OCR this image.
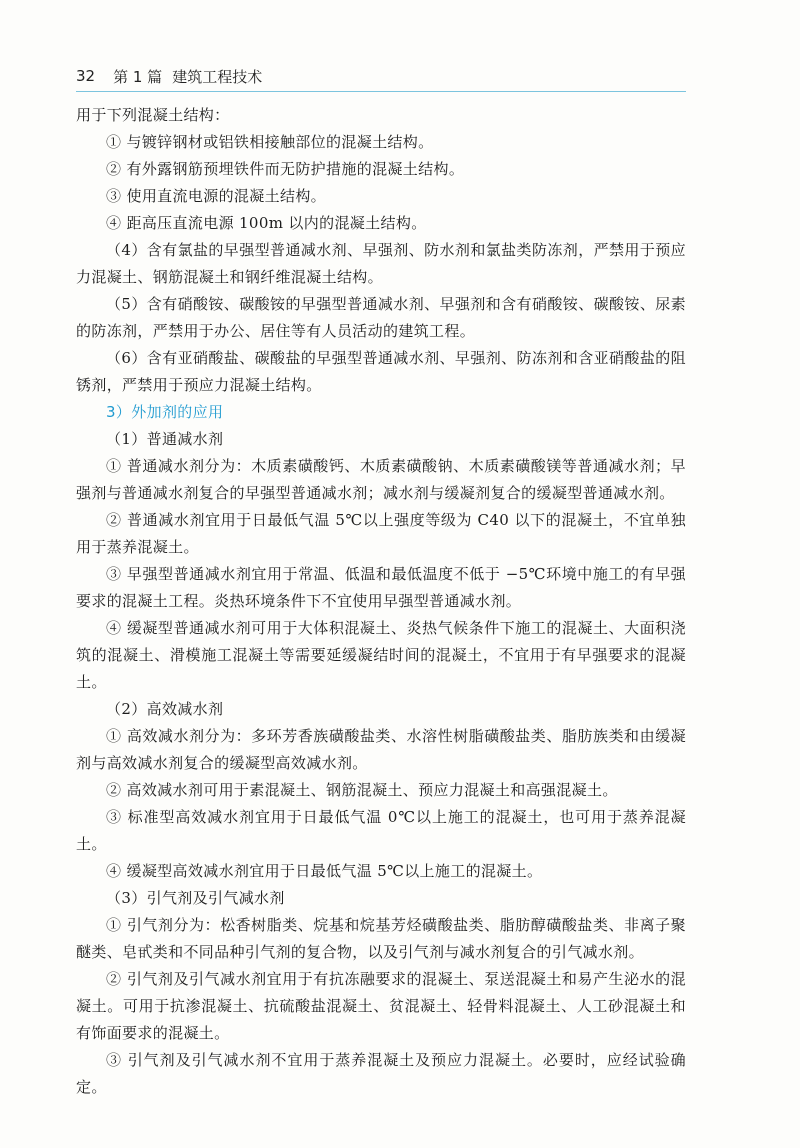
32 第 1 篇 建筑工程技术

用于下列混凝土结构：

① 与镀锌钢材或铝铁相接触部位的混凝土结构。

② 有外露钢筋预埋铁件而无防护措施的混凝土结构。

③ 使用直流电源的混凝土结构。

④ 距高压直流电源 100m 以内的混凝土结构。

（4）含有氯盐的早强型普通减水剂、早强剂、防水剂和氯盐类防冻剂，严禁用于预应力混凝土、钢筋混凝土和钢纤维混凝土结构。

（5）含有硝酸铵、碳酸铵的早强型普通减水剂、早强剂和含有硝酸铵、碳酸铵、尿素的防冻剂，严禁用于办公、居住等有人员活动的建筑工程。

（6）含有亚硝酸盐、碳酸盐的早强型普通减水剂、早强剂、防冻剂和含亚硝酸盐的阻锈剂，严禁用于预应力混凝土结构。

3）外加剂的应用

（1）普通减水剂

① 普通减水剂分为：木质素磺酸钙、木质素磺酸钠、木质素磺酸镁等普通减水剂；早强剂与普通减水剂复合的早强型普通减水剂；减水剂与缓凝剂复合的缓凝型普通减水剂。

② 普通减水剂宜用于日最低气温 5℃以上强度等级为 C40 以下的混凝土，不宜单独用于蒸养混凝土。

③ 早强型普通减水剂宜用于常温、低温和最低温度不低于 −5℃环境中施工的有早强要求的混凝土工程。炎热环境条件下不宜使用早强型普通减水剂。

④ 缓凝型普通减水剂可用于大体积混凝土、炎热气候条件下施工的混凝土、大面积浇筑的混凝土、滑模施工混凝土等需要延缓凝结时间的混凝土，不宜用于有早强要求的混凝土。

（2）高效减水剂

① 高效减水剂分为：多环芳香族磺酸盐类、水溶性树脂磺酸盐类、脂肪族类和由缓凝剂与高效减水剂复合的缓凝型高效减水剂。

② 高效减水剂可用于素混凝土、钢筋混凝土、预应力混凝土和高强混凝土。

③ 标准型高效减水剂宜用于日最低气温 0℃以上施工的混凝土，也可用于蒸养混凝土。

④ 缓凝型高效减水剂宜用于日最低气温 5℃以上施工的混凝土。

（3）引气剂及引气减水剂

① 引气剂分为：松香树脂类、烷基和烷基芳烃磺酸盐类、脂肪醇磺酸盐类、非离子聚醚类、皂甙类和不同品种引气剂的复合物，以及引气剂与减水剂复合的引气减水剂。

② 引气剂及引气减水剂宜用于有抗冻融要求的混凝土、泵送混凝土和易产生泌水的混凝土。可用于抗渗混凝土、抗硫酸盐混凝土、贫混凝土、轻骨料混凝土、人工砂混凝土和有饰面要求的混凝土。

③ 引气剂及引气减水剂不宜用于蒸养混凝土及预应力混凝土。必要时，应经试验确定。
